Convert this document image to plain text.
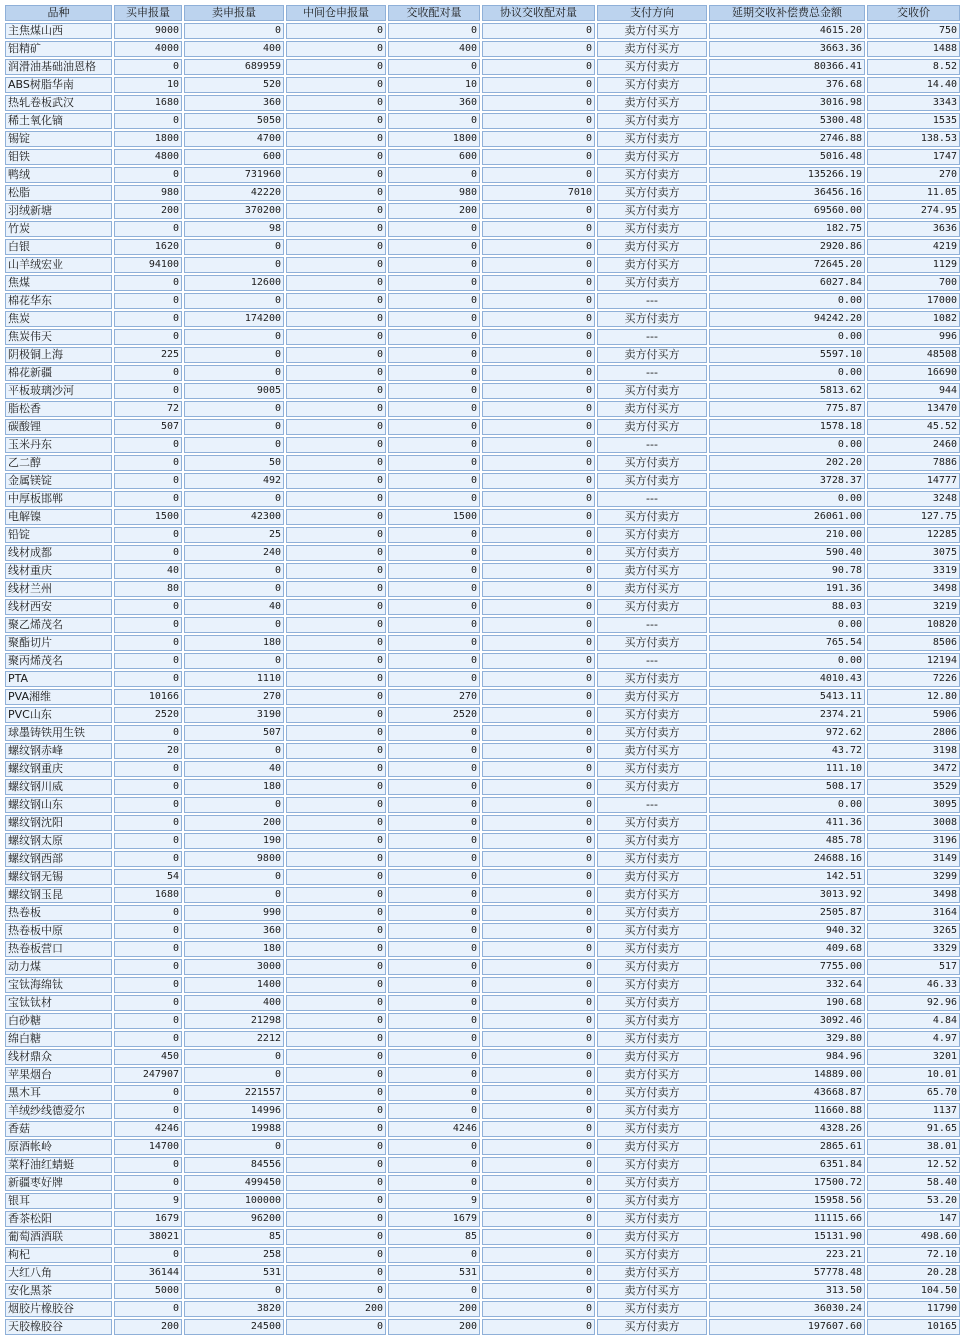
品种	买申报量	卖申报量	中间仓申报量	交收配对量	协议交收配对量	支付方向	延期交收补偿费总金额	交收价
主焦煤山西	9000	0	0	0	0	卖方付买方	4615.20	750
铝精矿	4000	400	0	400	0	卖方付买方	3663.36	1488
润滑油基础油恩格	0	689959	0	0	0	买方付卖方	80366.41	8.52
ABS树脂华南	10	520	0	10	0	买方付卖方	376.68	14.40
热轧卷板武汉	1680	360	0	360	0	卖方付买方	3016.98	3343
稀土氧化镝	0	5050	0	0	0	买方付卖方	5300.48	1535
锡锭	1800	4700	0	1800	0	买方付卖方	2746.88	138.53
钼铁	4800	600	0	600	0	卖方付买方	5016.48	1747
鸭绒	0	731960	0	0	0	买方付卖方	135266.19	270
松脂	980	42220	0	980	7010	买方付卖方	36456.16	11.05
羽绒新塘	200	370200	0	200	0	买方付卖方	69560.00	274.95
竹炭	0	98	0	0	0	买方付卖方	182.75	3636
白银	1620	0	0	0	0	卖方付买方	2920.86	4219
山羊绒宏业	94100	0	0	0	0	卖方付买方	72645.20	1129
焦煤	0	12600	0	0	0	买方付卖方	6027.84	700
棉花华东	0	0	0	0	0	---	0.00	17000
焦炭	0	174200	0	0	0	买方付卖方	94242.20	1082
焦炭伟天	0	0	0	0	0	---	0.00	996
阴极铜上海	225	0	0	0	0	卖方付买方	5597.10	48508
棉花新疆	0	0	0	0	0	---	0.00	16690
平板玻璃沙河	0	9005	0	0	0	买方付卖方	5813.62	944
脂松香	72	0	0	0	0	卖方付买方	775.87	13470
碳酸锂	507	0	0	0	0	卖方付买方	1578.18	45.52
玉米丹东	0	0	0	0	0	---	0.00	2460
乙二醇	0	50	0	0	0	买方付卖方	202.20	7886
金属镁锭	0	492	0	0	0	买方付卖方	3728.37	14777
中厚板邯郸	0	0	0	0	0	---	0.00	3248
电解镍	1500	42300	0	1500	0	买方付卖方	26061.00	127.75
铅锭	0	25	0	0	0	买方付卖方	210.00	12285
线材成都	0	240	0	0	0	买方付卖方	590.40	3075
线材重庆	40	0	0	0	0	卖方付买方	90.78	3319
线材兰州	80	0	0	0	0	卖方付买方	191.36	3498
线材西安	0	40	0	0	0	买方付卖方	88.03	3219
聚乙烯茂名	0	0	0	0	0	---	0.00	10820
聚酯切片	0	180	0	0	0	买方付卖方	765.54	8506
聚丙烯茂名	0	0	0	0	0	---	0.00	12194
PTA	0	1110	0	0	0	买方付卖方	4010.43	7226
PVA湘维	10166	270	0	270	0	卖方付买方	5413.11	12.80
PVC山东	2520	3190	0	2520	0	买方付卖方	2374.21	5906
球墨铸铁用生铁	0	507	0	0	0	买方付卖方	972.62	2806
螺纹钢赤峰	20	0	0	0	0	卖方付买方	43.72	3198
螺纹钢重庆	0	40	0	0	0	买方付卖方	111.10	3472
螺纹钢川威	0	180	0	0	0	买方付卖方	508.17	3529
螺纹钢山东	0	0	0	0	0	---	0.00	3095
螺纹钢沈阳	0	200	0	0	0	买方付卖方	411.36	3008
螺纹钢太原	0	190	0	0	0	买方付卖方	485.78	3196
螺纹钢西部	0	9800	0	0	0	买方付卖方	24688.16	3149
螺纹钢无锡	54	0	0	0	0	卖方付买方	142.51	3299
螺纹钢玉昆	1680	0	0	0	0	卖方付买方	3013.92	3498
热卷板	0	990	0	0	0	买方付卖方	2505.87	3164
热卷板中原	0	360	0	0	0	买方付卖方	940.32	3265
热卷板营口	0	180	0	0	0	买方付卖方	409.68	3329
动力煤	0	3000	0	0	0	买方付卖方	7755.00	517
宝钛海绵钛	0	1400	0	0	0	买方付卖方	332.64	46.33
宝钛钛材	0	400	0	0	0	买方付卖方	190.68	92.96
白砂糖	0	21298	0	0	0	买方付卖方	3092.46	4.84
绵白糖	0	2212	0	0	0	买方付卖方	329.80	4.97
线材鼎众	450	0	0	0	0	卖方付买方	984.96	3201
苹果烟台	247907	0	0	0	0	卖方付买方	14889.00	10.01
黑木耳	0	221557	0	0	0	买方付卖方	43668.87	65.70
羊绒纱线德爱尔	0	14996	0	0	0	买方付卖方	11660.88	1137
香菇	4246	19988	0	4246	0	买方付卖方	4328.26	91.65
原酒帐岭	14700	0	0	0	0	卖方付买方	2865.61	38.01
菜籽油红蜻蜓	0	84556	0	0	0	买方付卖方	6351.84	12.52
新疆枣好牌	0	499450	0	0	0	买方付卖方	17500.72	58.40
银耳	9	100000	0	9	0	买方付卖方	15958.56	53.20
香茶松阳	1679	96200	0	1679	0	买方付卖方	11115.66	147
葡萄酒酒联	38021	85	0	85	0	卖方付买方	15131.90	498.60
枸杞	0	258	0	0	0	买方付卖方	223.21	72.10
大红八角	36144	531	0	531	0	卖方付买方	57778.48	20.28
安化黑茶	5000	0	0	0	0	卖方付买方	313.50	104.50
烟胶片橡胶谷	0	3820	200	200	0	买方付卖方	36030.24	11790
天胶橡胶谷	200	24500	0	200	0	买方付卖方	197607.60	10165
